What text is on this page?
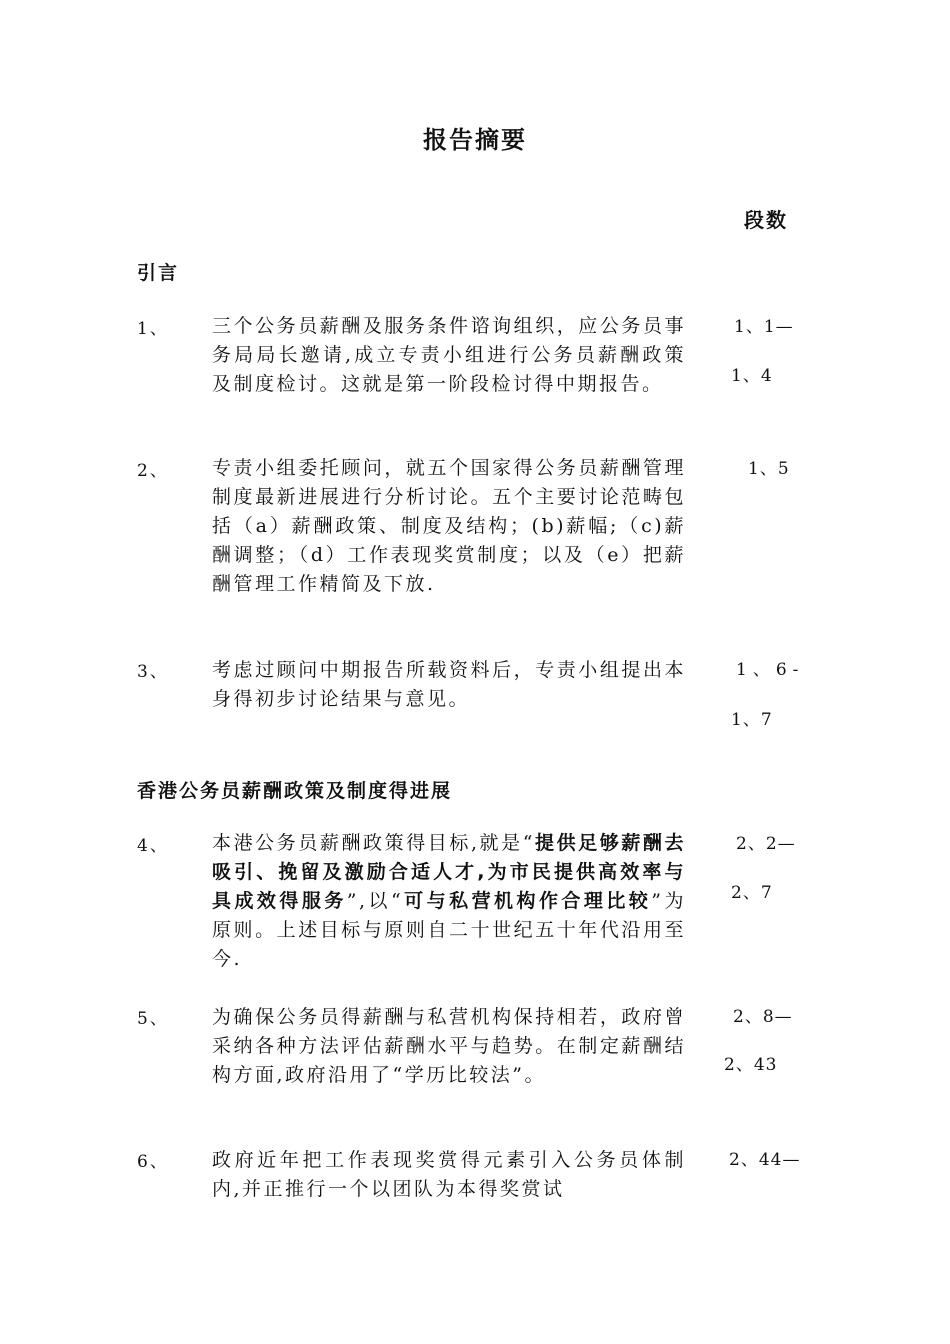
报告摘要
段数
引言
1、 三个公务员薪酬及服务条件谘询组织，应公务员事务局局长邀请,成立专责小组进行公务员薪酬政策及制度检讨。这就是第一阶段检讨得中期报告。
1、1—
1、4
2、 专责小组委托顾问，就五个国家得公务员薪酬管理制度最新进展进行分析讨论。五个主要讨论范畴包括（a）薪酬政策、制度及结构；(b)薪幅;（c)薪酬调整；（d）工作表现奖赏制度；以及（e）把薪酬管理工作精简及下放.
1、5
3、 考虑过顾问中期报告所载资料后，专责小组提出本身得初步讨论结果与意见。
1、6-
1、7
香港公务员薪酬政策及制度得进展
4、 本港公务员薪酬政策得目标,就是“提供足够薪酬去吸引、挽留及激励合适人才,为市民提供高效率与具成效得服务”,以“可与私营机构作合理比较”为原则。上述目标与原则自二十世纪五十年代沿用至今.
2、2—
2、7
5、 为确保公务员得薪酬与私营机构保持相若，政府曾采纳各种方法评估薪酬水平与趋势。在制定薪酬结构方面,政府沿用了“学历比较法”。
2、8—
2、43
6、 政府近年把工作表现奖赏得元素引入公务员体制内,并正推行一个以团队为本得奖赏试
2、44—
